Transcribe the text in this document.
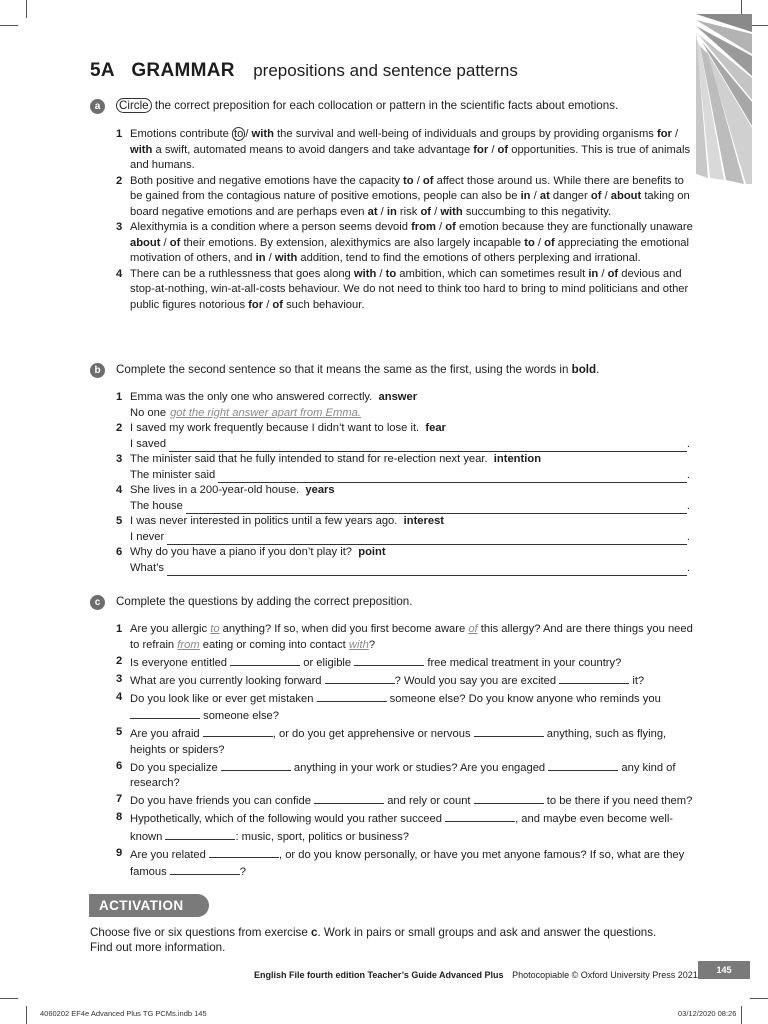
5A GRAMMAR prepositions and sentence patterns
a	Circle the correct preposition for each collocation or pattern in the scientific facts about emotions.
1 Emotions contribute to / with the survival and well-being of individuals and groups by providing organisms for / with a swift, automated means to avoid dangers and take advantage for / of opportunities. This is true of animals and humans.
2 Both positive and negative emotions have the capacity to / of affect those around us. While there are benefits to be gained from the contagious nature of positive emotions, people can also be in / at danger of / about taking on board negative emotions and are perhaps even at / in risk of / with succumbing to this negativity.
3 Alexithymia is a condition where a person seems devoid from / of emotion because they are functionally unaware about / of their emotions. By extension, alexithymics are also largely incapable to / of appreciating the emotional motivation of others, and in / with addition, tend to find the emotions of others perplexing and irrational.
4 There can be a ruthlessness that goes along with / to ambition, which can sometimes result in / of devious and stop-at-nothing, win-at-all-costs behaviour. We do not need to think too hard to bring to mind politicians and other public figures notorious for / of such behaviour.
b	Complete the second sentence so that it means the same as the first, using the words in bold.
1 Emma was the only one who answered correctly. answer
No one got the right answer apart from Emma.
2 I saved my work frequently because I didn’t want to lose it. fear
I saved	.
3 The minister said that he fully intended to stand for re-election next year. intention
The minister said	.
4 She lives in a 200-year-old house. years
The house	.
5 I was never interested in politics until a few years ago. interest
I never	.
6 Why do you have a piano if you don’t play it? point
What’s	.
c	Complete the questions by adding the correct preposition.
1 Are you allergic to anything? If so, when did you first become aware of this allergy? And are there things you need to refrain from eating or coming into contact with?
2 Is everyone entitled	or eligible	free medical treatment in your country?
3 What are you currently looking forward	? Would you say you are excited	it?
4 Do you look like or ever get mistaken	someone else? Do you know anyone who reminds you  someone else?
5 Are you afraid	, or do you get apprehensive or nervous	anything, such as flying, heights or spiders?
6 Do you specialize	anything in your work or studies? Are you engaged	any kind of research?
7 Do you have friends you can confide	and rely or count	to be there if you need them?
8 Hypothetically, which of the following would you rather succeed	, and maybe even become well-known	: music, sport, politics or business?
9 Are you related	, or do you know personally, or have you met anyone famous? If so, what are they famous	?
ACTIVATION
Choose five or six questions from exercise c. Work in pairs or small groups and ask and answer the questions. Find out more information.
English File fourth edition Teacher’s Guide Advanced Plus Photocopiable © Oxford University Press 2021	145
4060202 EF4e Advanced Plus TG PCMs.indb 145	03/12/2020 08:26
